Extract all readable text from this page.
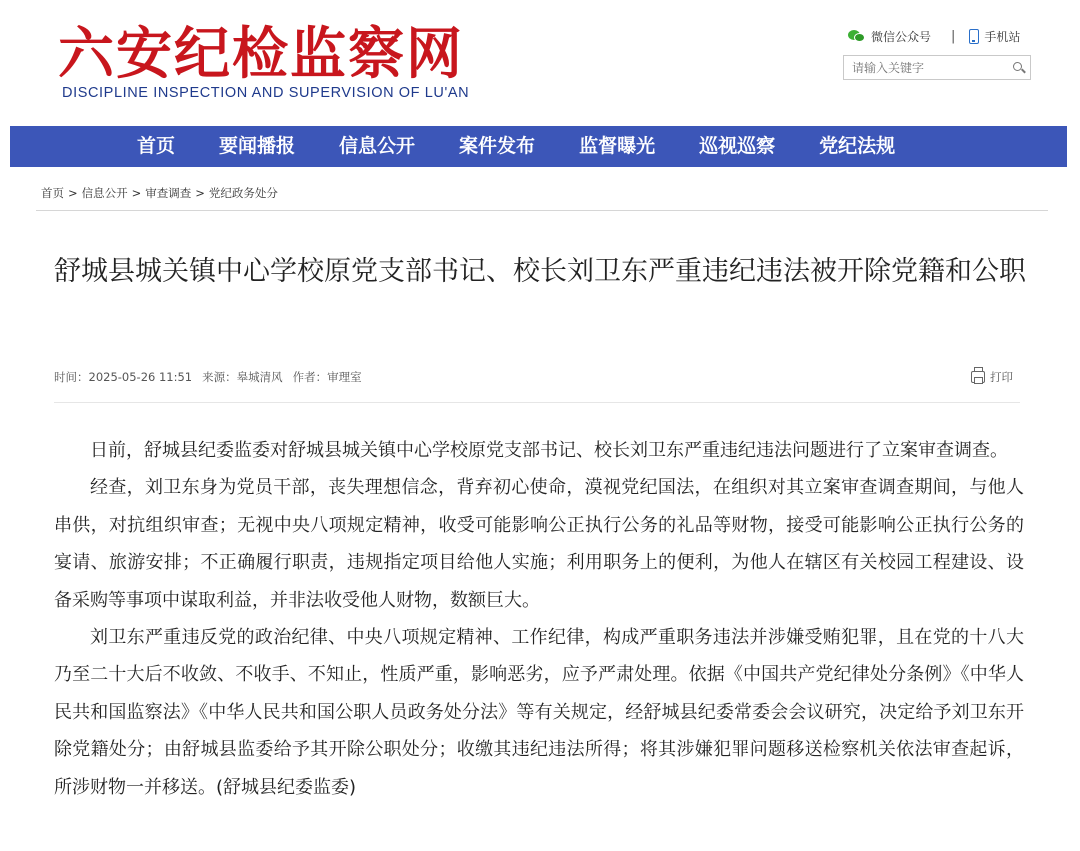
六安纪检监察网
DISCIPLINE INSPECTION AND SUPERVISION OF LU'AN
微信公众号 | 手机站
请输入关键字
首页	要闻播报	信息公开	案件发布	监督曝光	巡视巡察	党纪法规
首页 > 信息公开 > 审查调查 > 党纪政务处分
舒城县城关镇中心学校原党支部书记、校长刘卫东严重违纪违法被开除党籍和公职
时间：2025-05-26 11:51 来源：皋城清风 作者：审理室	打印

日前，舒城县纪委监委对舒城县城关镇中心学校原党支部书记、校长刘卫东严重违纪违法问题进行了立案审查调查。

经查，刘卫东身为党员干部，丧失理想信念，背弃初心使命，漠视党纪国法，在组织对其立案审查调查期间，与他人串供，对抗组织审查；无视中央八项规定精神，收受可能影响公正执行公务的礼品等财物，接受可能影响公正执行公务的宴请、旅游安排；不正确履行职责，违规指定项目给他人实施；利用职务上的便利，为他人在辖区有关校园工程建设、设备采购等事项中谋取利益，并非法收受他人财物，数额巨大。

刘卫东严重违反党的政治纪律、中央八项规定精神、工作纪律，构成严重职务违法并涉嫌受贿犯罪，且在党的十八大乃至二十大后不收敛、不收手、不知止，性质严重，影响恶劣，应予严肃处理。依据《中国共产党纪律处分条例》《中华人民共和国监察法》《中华人民共和国公职人员政务处分法》等有关规定，经舒城县纪委常委会会议研究，决定给予刘卫东开除党籍处分；由舒城县监委给予其开除公职处分；收缴其违纪违法所得；将其涉嫌犯罪问题移送检察机关依法审查起诉，所涉财物一并移送。(舒城县纪委监委)
